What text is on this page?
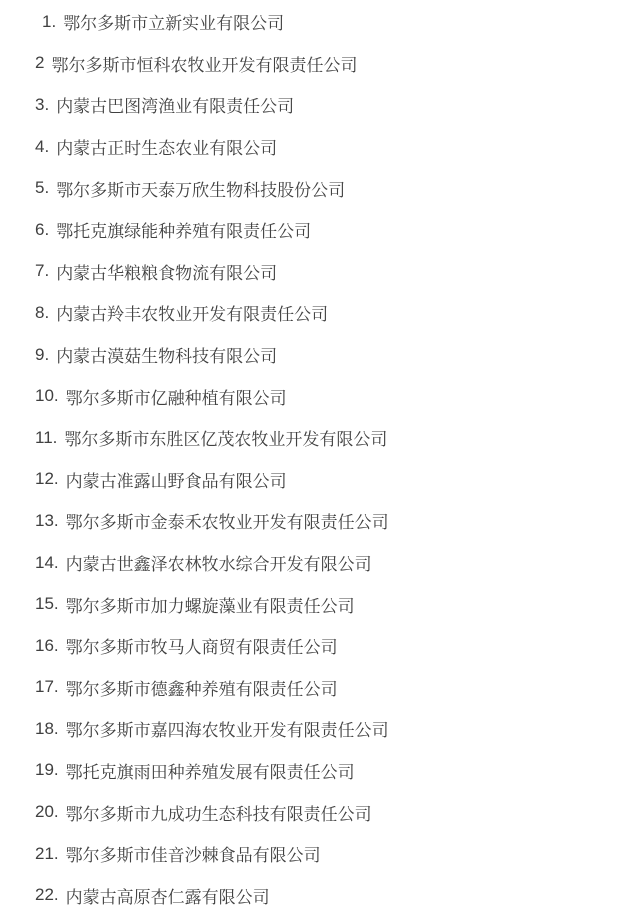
1. 鄂尔多斯市立新实业有限公司
2 鄂尔多斯市恒科农牧业开发有限责任公司
3. 内蒙古巴图湾渔业有限责任公司
4. 内蒙古正时生态农业有限公司
5. 鄂尔多斯市天泰万欣生物科技股份公司
6. 鄂托克旗绿能种养殖有限责任公司
7. 内蒙古华粮粮食物流有限公司
8. 内蒙古羚丰农牧业开发有限责任公司
9. 内蒙古漠菇生物科技有限公司
10. 鄂尔多斯市亿融种植有限公司
11. 鄂尔多斯市东胜区亿茂农牧业开发有限公司
12. 内蒙古准露山野食品有限公司
13. 鄂尔多斯市金泰禾农牧业开发有限责任公司
14. 内蒙古世鑫泽农林牧水综合开发有限公司
15. 鄂尔多斯市加力螺旋藻业有限责任公司
16. 鄂尔多斯市牧马人商贸有限责任公司
17. 鄂尔多斯市德鑫种养殖有限责任公司
18. 鄂尔多斯市嘉四海农牧业开发有限责任公司
19. 鄂托克旗雨田种养殖发展有限责任公司
20. 鄂尔多斯市九成功生态科技有限责任公司
21. 鄂尔多斯市佳音沙棘食品有限公司
22. 内蒙古高原杏仁露有限公司
